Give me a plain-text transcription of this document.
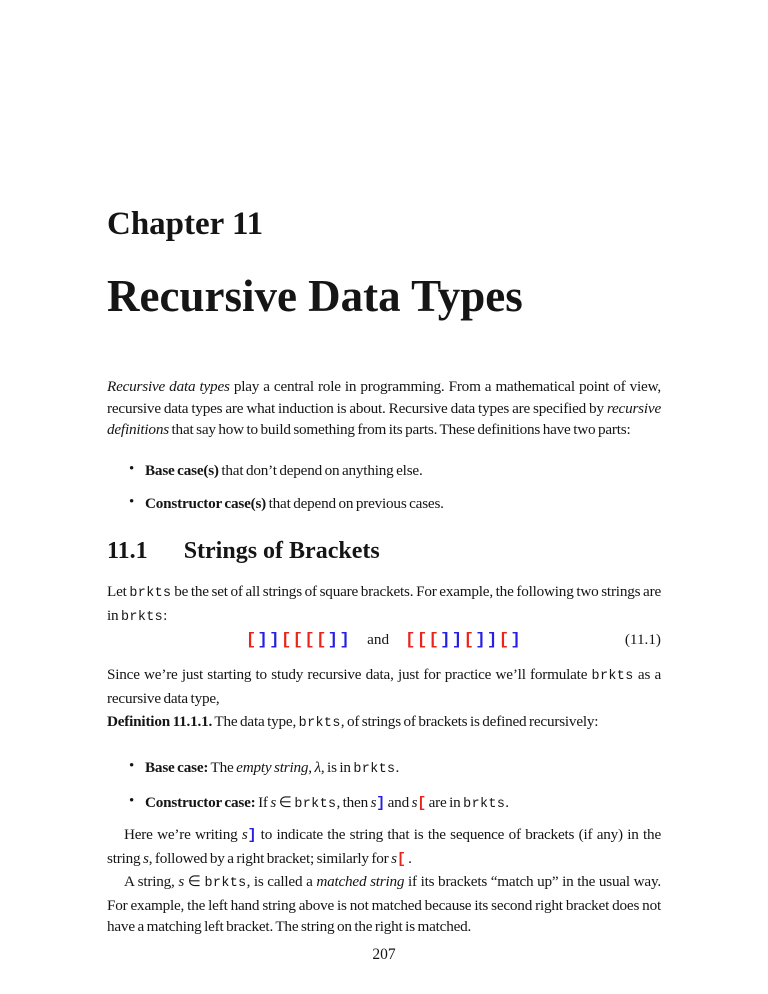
Chapter 11
Recursive Data Types

Recursive data types play a central role in programming. From a mathematical point of view, recursive data types are what induction is about. Recursive data types are specified by recursive definitions that say how to build something from its parts. These definitions have two parts:

• Base case(s) that don’t depend on anything else.
• Constructor case(s) that depend on previous cases.
11.1 Strings of Brackets

Let brkts be the set of all strings of square brackets. For example, the following two strings are in brkts:

[]][[[[]] and [[[]][]][]	(11.1)

Since we’re just starting to study recursive data, just for practice we’ll formulate brkts as a recursive data type,

Definition 11.1.1. The data type, brkts, of strings of brackets is defined recursively:

• Base case: The empty string, λ, is in brkts.
• Constructor case: If s ∈ brkts, then s] and s[ are in brkts.

Here we’re writing s] to indicate the string that is the sequence of brackets (if any) in the string s, followed by a right bracket; similarly for s[ .

A string, s ∈ brkts, is called a matched string if its brackets “match up” in the usual way. For example, the left hand string above is not matched because its second right bracket does not have a matching left bracket. The string on the right is matched.

207
